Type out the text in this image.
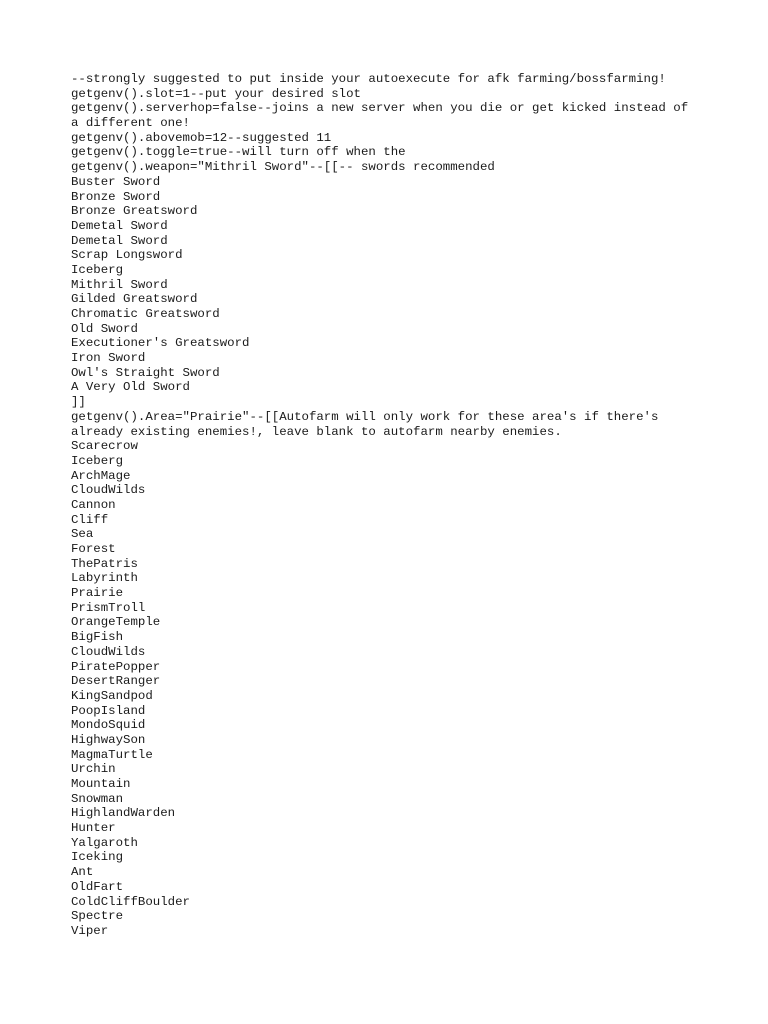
--strongly suggested to put inside your autoexecute for afk farming/bossfarming!
getgenv().slot=1--put your desired slot
getgenv().serverhop=false--joins a new server when you die or get kicked instead of
a different one!
getgenv().abovemob=12--suggested 11
getgenv().toggle=true--will turn off when the
getgenv().weapon="Mithril Sword"--[[-- swords recommended
Buster Sword
Bronze Sword
Bronze Greatsword
Demetal Sword
Demetal Sword
Scrap Longsword
Iceberg
Mithril Sword
Gilded Greatsword
Chromatic Greatsword
Old Sword
Executioner's Greatsword
Iron Sword
Owl's Straight Sword
A Very Old Sword
]]
getgenv().Area="Prairie"--[[Autofarm will only work for these area's if there's
already existing enemies!, leave blank to autofarm nearby enemies.
Scarecrow
Iceberg
ArchMage
CloudWilds
Cannon
Cliff
Sea
Forest
ThePatris
Labyrinth
Prairie
PrismTroll
OrangeTemple
BigFish
CloudWilds
PiratePopper
DesertRanger
KingSandpod
PoopIsland
MondoSquid
HighwaySon
MagmaTurtle
Urchin
Mountain
Snowman
HighlandWarden
Hunter
Yalgaroth
Iceking
Ant
OldFart
ColdCliffBoulder
Spectre
Viper
